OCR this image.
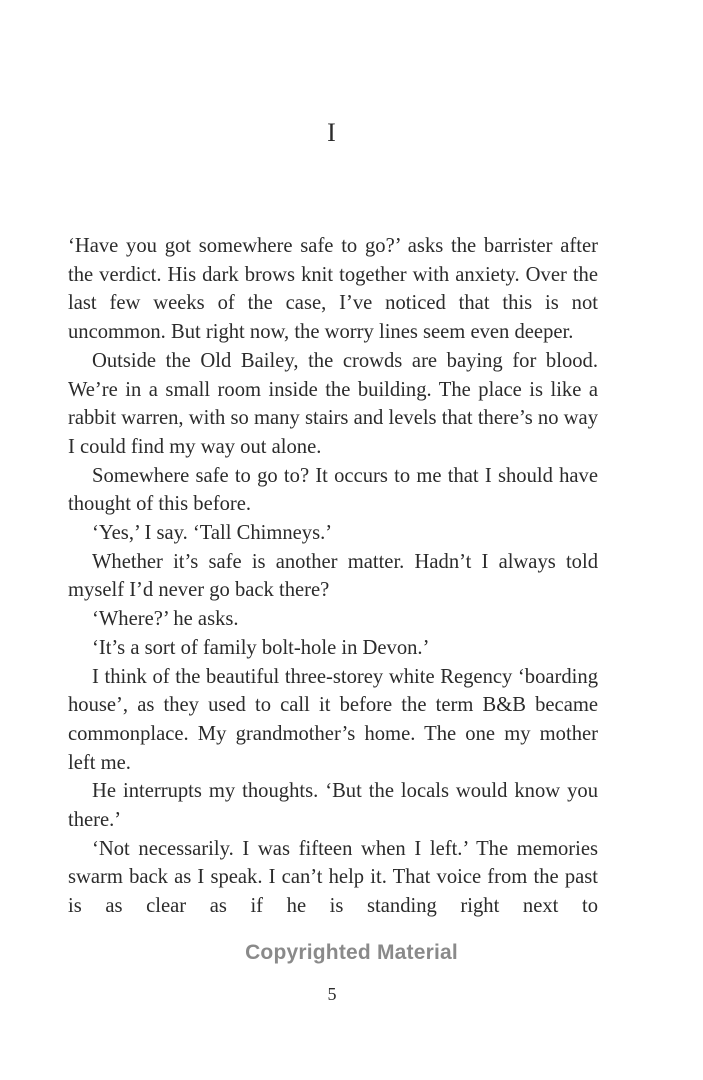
I

‘Have you got somewhere safe to go?’ asks the barrister after the verdict. His dark brows knit together with anxiety. Over the last few weeks of the case, I’ve noticed that this is not uncommon. But right now, the worry lines seem even deeper.

Outside the Old Bailey, the crowds are baying for blood. We’re in a small room inside the building. The place is like a rabbit warren, with so many stairs and levels that there’s no way I could find my way out alone.

Somewhere safe to go to? It occurs to me that I should have thought of this before.

‘Yes,’ I say. ‘Tall Chimneys.’

Whether it’s safe is another matter. Hadn’t I always told myself I’d never go back there?

‘Where?’ he asks.

‘It’s a sort of family bolt-hole in Devon.’

I think of the beautiful three-storey white Regency ‘boarding house’, as they used to call it before the term B&B became commonplace. My grandmother’s home. The one my mother left me.

He interrupts my thoughts. ‘But the locals would know you there.’

‘Not necessarily. I was fifteen when I left.’ The memories swarm back as I speak. I can’t help it. That voice from the past is as clear as if he is standing right next to

Copyrighted Material
5
